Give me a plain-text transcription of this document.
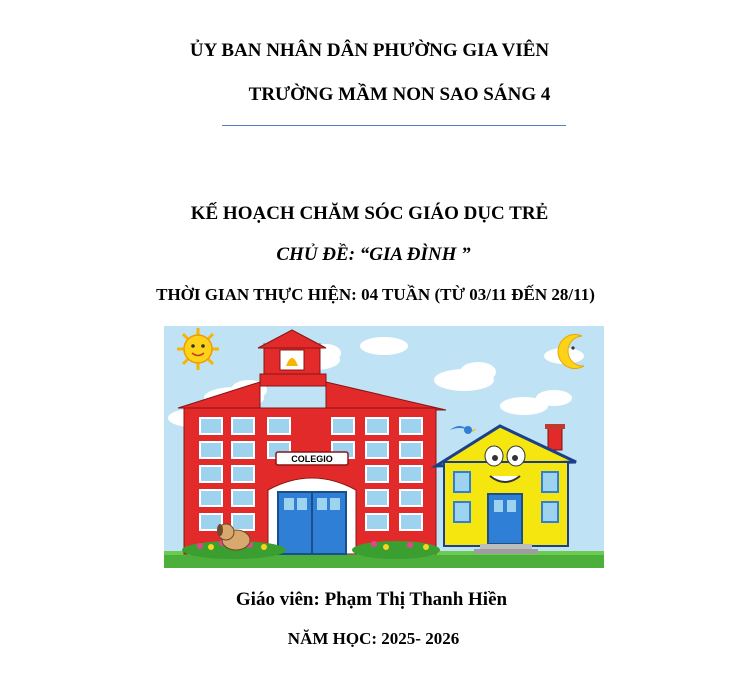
ỦY BAN NHÂN DÂN PHƯỜNG GIA VIÊN
TRƯỜNG MẦM NON SAO SÁNG 4
KẾ HOẠCH CHĂM SÓC GIÁO DỤC TRẺ
CHỦ ĐỀ: “GIA ĐÌNH ”
THỜI GIAN THỰC HIỆN: 04 TUẦN (TỪ 03/11 ĐẾN 28/11)
COLEGIO
Giáo viên: Phạm Thị Thanh Hiền
NĂM HỌC: 2025- 2026
